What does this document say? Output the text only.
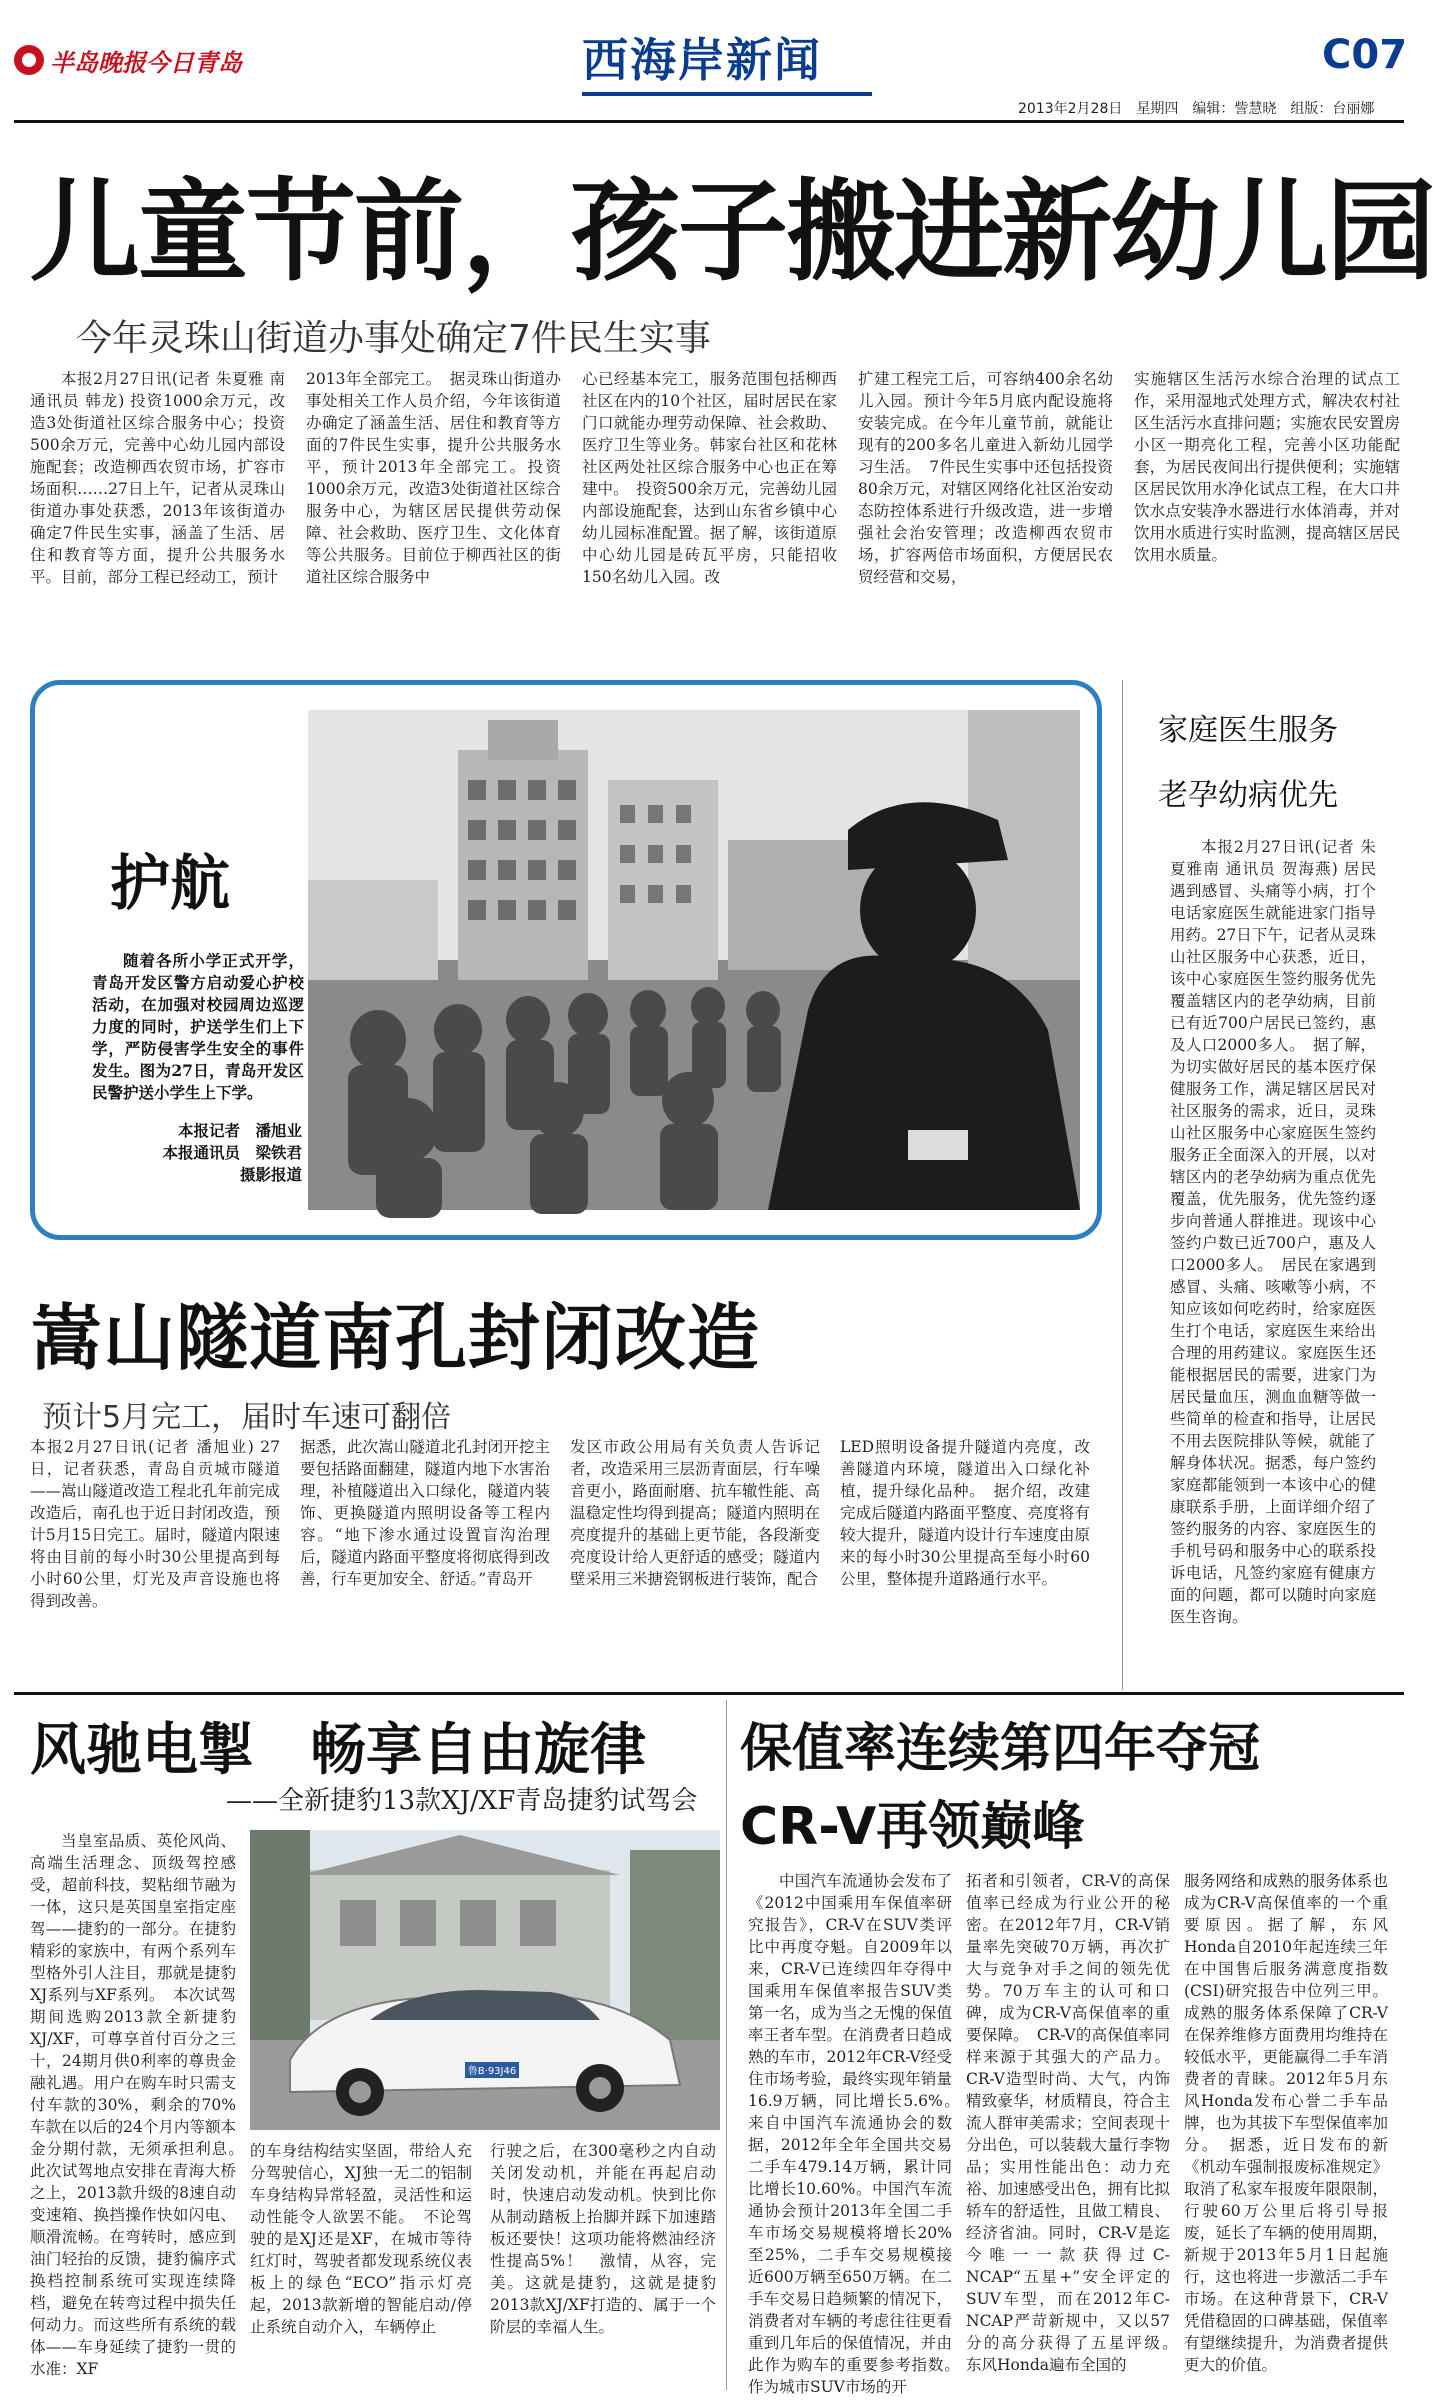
半岛晚报今日青岛	西海岸新闻	C07
2013年2月28日　星期四　编辑：訾慧晓　组版：台丽娜
儿童节前，孩子搬进新幼儿园
今年灵珠山街道办事处确定7件民生实事
本报2月27日讯(记者 朱夏雅 南 通讯员 韩龙) 投资1000余万元，改造3处街道社区综合服务中心；投资500余万元，完善中心幼儿园内部设施配套；改造柳西农贸市场，扩容市场面积……27日上午，记者从灵珠山街道办事处获悉，2013年该街道办确定7件民生实事，涵盖了生活、居住和教育等方面，提升公共服务水平。目前，部分工程已经动工，预计
2013年全部完工。　据灵珠山街道办事处相关工作人员介绍，今年该街道办确定了涵盖生活、居住和教育等方面的7件民生实事，提升公共服务水平，预计2013年全部完工。投资1000余万元，改造3处街道社区综合服务中心，为辖区居民提供劳动保障、社会救助、医疗卫生、文化体育等公共服务。目前位于柳西社区的街道社区综合服务中
心已经基本完工，服务范围包括柳西社区在内的10个社区，届时居民在家门口就能办理劳动保障、社会救助、医疗卫生等业务。韩家台社区和花林社区两处社区综合服务中心也正在筹建中。　投资500余万元，完善幼儿园内部设施配套，达到山东省乡镇中心幼儿园标准配置。据了解，该街道原中心幼儿园是砖瓦平房，只能招收150名幼儿入园。改
扩建工程完工后，可容纳400余名幼儿入园。预计今年5月底内配设施将安装完成。在今年儿童节前，就能让现有的200多名儿童进入新幼儿园学习生活。　7件民生实事中还包括投资80余万元，对辖区网络化社区治安动态防控体系进行升级改造，进一步增强社会治安管理；改造柳西农贸市场，扩容两倍市场面积，方便居民农贸经营和交易，
实施辖区生活污水综合治理的试点工作，采用湿地式处理方式，解决农村社区生活污水直排问题；实施农民安置房小区一期亮化工程，完善小区功能配套，为居民夜间出行提供便利；实施辖区居民饮用水净化试点工程，在大口井饮水点安装净水器进行水体消毒，并对饮用水质进行实时监测，提高辖区居民饮用水质量。
护航
随着各所小学正式开学，青岛开发区警方启动爱心护校活动，在加强对校园周边巡逻力度的同时，护送学生们上下学，严防侵害学生安全的事件发生。图为27日，青岛开发区民警护送小学生上下学。
本报记者　潘旭业
本报通讯员　梁铁君
摄影报道
嵩山隧道南孔封闭改造
预计5月完工，届时车速可翻倍
本报2月27日讯(记者 潘旭业) 27日，记者获悉，青岛自贡城市隧道——嵩山隧道改造工程北孔年前完成改造后，南孔也于近日封闭改造，预计5月15日完工。届时，隧道内限速将由目前的每小时30公里提高到每小时60公里，灯光及声音设施也将得到改善。
据悉，此次嵩山隧道北孔封闭开挖主要包括路面翻建，隧道内地下水害治理，补植隧道出入口绿化，隧道内装饰、更换隧道内照明设备等工程内容。“地下渗水通过设置盲沟治理后，隧道内路面平整度将彻底得到改善，行车更加安全、舒适。”青岛开
发区市政公用局有关负责人告诉记者，改造采用三层沥青面层，行车噪音更小，路面耐磨、抗车辙性能、高温稳定性均得到提高；隧道内照明在亮度提升的基础上更节能，各段渐变亮度设计给人更舒适的感受；隧道内壁采用三米搪瓷钢板进行装饰，配合
LED照明设备提升隧道内亮度，改善隧道内环境，隧道出入口绿化补植，提升绿化品种。　据介绍，改建完成后隧道内路面平整度、亮度将有较大提升，隧道内设计行车速度由原来的每小时30公里提高至每小时60公里，整体提升道路通行水平。
家庭医生服务
老孕幼病优先
本报2月27日讯(记者 朱夏雅南 通讯员 贺海燕) 居民遇到感冒、头痛等小病，打个电话家庭医生就能进家门指导用药。27日下午，记者从灵珠山社区服务中心获悉，近日，该中心家庭医生签约服务优先覆盖辖区内的老孕幼病，目前已有近700户居民已签约，惠及人口2000多人。　据了解，为切实做好居民的基本医疗保健服务工作，满足辖区居民对社区服务的需求，近日，灵珠山社区服务中心家庭医生签约服务正全面深入的开展，以对辖区内的老孕幼病为重点优先覆盖，优先服务，优先签约逐步向普通人群推进。现该中心签约户数已近700户，惠及人口2000多人。　居民在家遇到感冒、头痛、咳嗽等小病，不知应该如何吃药时，给家庭医生打个电话，家庭医生来给出合理的用药建议。家庭医生还能根据居民的需要，进家门为居民量血压，测血血糖等做一些简单的检查和指导，让居民不用去医院排队等候，就能了解身体状况。据悉，每户签约家庭都能领到一本该中心的健康联系手册，上面详细介绍了签约服务的内容、家庭医生的手机号码和服务中心的联系投诉电话，凡签约家庭有健康方面的问题，都可以随时向家庭医生咨询。
风驰电掣　畅享自由旋律
——全新捷豹13款XJ/XF青岛捷豹试驾会
当皇室品质、英伦风尚、高端生活理念、顶级驾控感受，超前科技，契粘细节融为一体，这只是英国皇室指定座驾——捷豹的一部分。在捷豹精彩的家族中，有两个系列车型格外引人注目，那就是捷豹XJ系列与XF系列。　本次试驾期间选购2013款全新捷豹XJ/XF，可尊享首付百分之三十，24期月供0利率的尊贵金融礼遇。用户在购车时只需支付车款的30%，剩余的70%车款在以后的24个月内等额本金分期付款，无须承担利息。　此次试驾地点安排在青海大桥之上，2013款升级的8速自动变速箱、换挡操作快如闪电、顺滑流畅。在弯转时，感应到油门轻抬的反馈，捷豹徧序式换档控制系统可实现连续降档，避免在转弯过程中损失任何动力。而这些所有系统的载体——车身延续了捷豹一贯的水准：XF
鲁B·93J46
的车身结构结实坚固，带给人充分驾驶信心，XJ独一无二的铝制车身结构异常轻盈，灵活性和运动性能令人欲罢不能。　不论驾驶的是XJ还是XF，在城市等待红灯时，驾驶者都发现系统仪表板上的绿色“ECO”指示灯亮起，2013款新增的智能启动/停止系统自动介入，车辆停止
行驶之后，在300毫秒之内自动关闭发动机，并能在再起启动时，快速启动发动机。快到比你从制动踏板上抬脚并踩下加速踏板还要快！这项功能将燃油经济性提高5%！　激情，从容，完美。这就是捷豹，这就是捷豹2013款XJ/XF打造的、属于一个阶层的幸福人生。
保值率连续第四年夺冠
CR-V再领巅峰
中国汽车流通协会发布了《2012中国乘用车保值率研究报告》，CR-V在SUV类评比中再度夺魁。自2009年以来，CR-V已连续四年夺得中国乘用车保值率报告SUV类第一名，成为当之无愧的保值率王者车型。在消费者日趋成熟的车市，2012年CR-V经受住市场考验，最终实现年销量16.9万辆，同比增长5.6%。　来自中国汽车流通协会的数据，2012年全年全国共交易二手车479.14万辆，累计同比增长10.60%。中国汽车流通协会预计2013年全国二手车市场交易规模将增长20%至25%，二手车交易规模接近600万辆至650万辆。在二手车交易日趋频繁的情况下，消费者对车辆的考虑往往更看重到几年后的保值情况，并由此作为购车的重要参考指数。　作为城市SUV市场的开
拓者和引领者，CR-V的高保值率已经成为行业公开的秘密。在2012年7月，CR-V销量率先突破70万辆，再次扩大与竞争对手之间的领先优势。70万车主的认可和口碑，成为CR-V高保值率的重要保障。　CR-V的高保值率同样来源于其强大的产品力。CR-V造型时尚、大气，内饰精致豪华，材质精良，符合主流人群审美需求；空间表现十分出色，可以装载大量行李物品；实用性能出色：动力充裕、加速感受出色，拥有比拟轿车的舒适性，且做工精良、经济省油。同时，CR-V是迄今唯一一款获得过C-NCAP“五星+”安全评定的SUV车型，而在2012年C-NCAP严苛新规中，又以57分的高分获得了五星评级。　东风Honda遍布全国的
服务网络和成熟的服务体系也成为CR-V高保值率的一个重要原因。据了解，东风Honda自2010年起连续三年在中国售后服务满意度指数(CSI)研究报告中位列三甲。成熟的服务体系保障了CR-V在保养维修方面费用均维持在较低水平，更能赢得二手车消费者的青睐。2012年5月东风Honda发布心誉二手车品牌，也为其拔下车型保值率加分。　据悉，近日发布的新《机动车强制报废标准规定》取消了私家车报废年限限制，行驶60万公里后将引导报废，延长了车辆的使用周期，新规于2013年5月1日起施行，这也将进一步激活二手车市场。在这种背景下，CR-V凭借稳固的口碑基础，保值率有望继续提升，为消费者提供更大的价值。
